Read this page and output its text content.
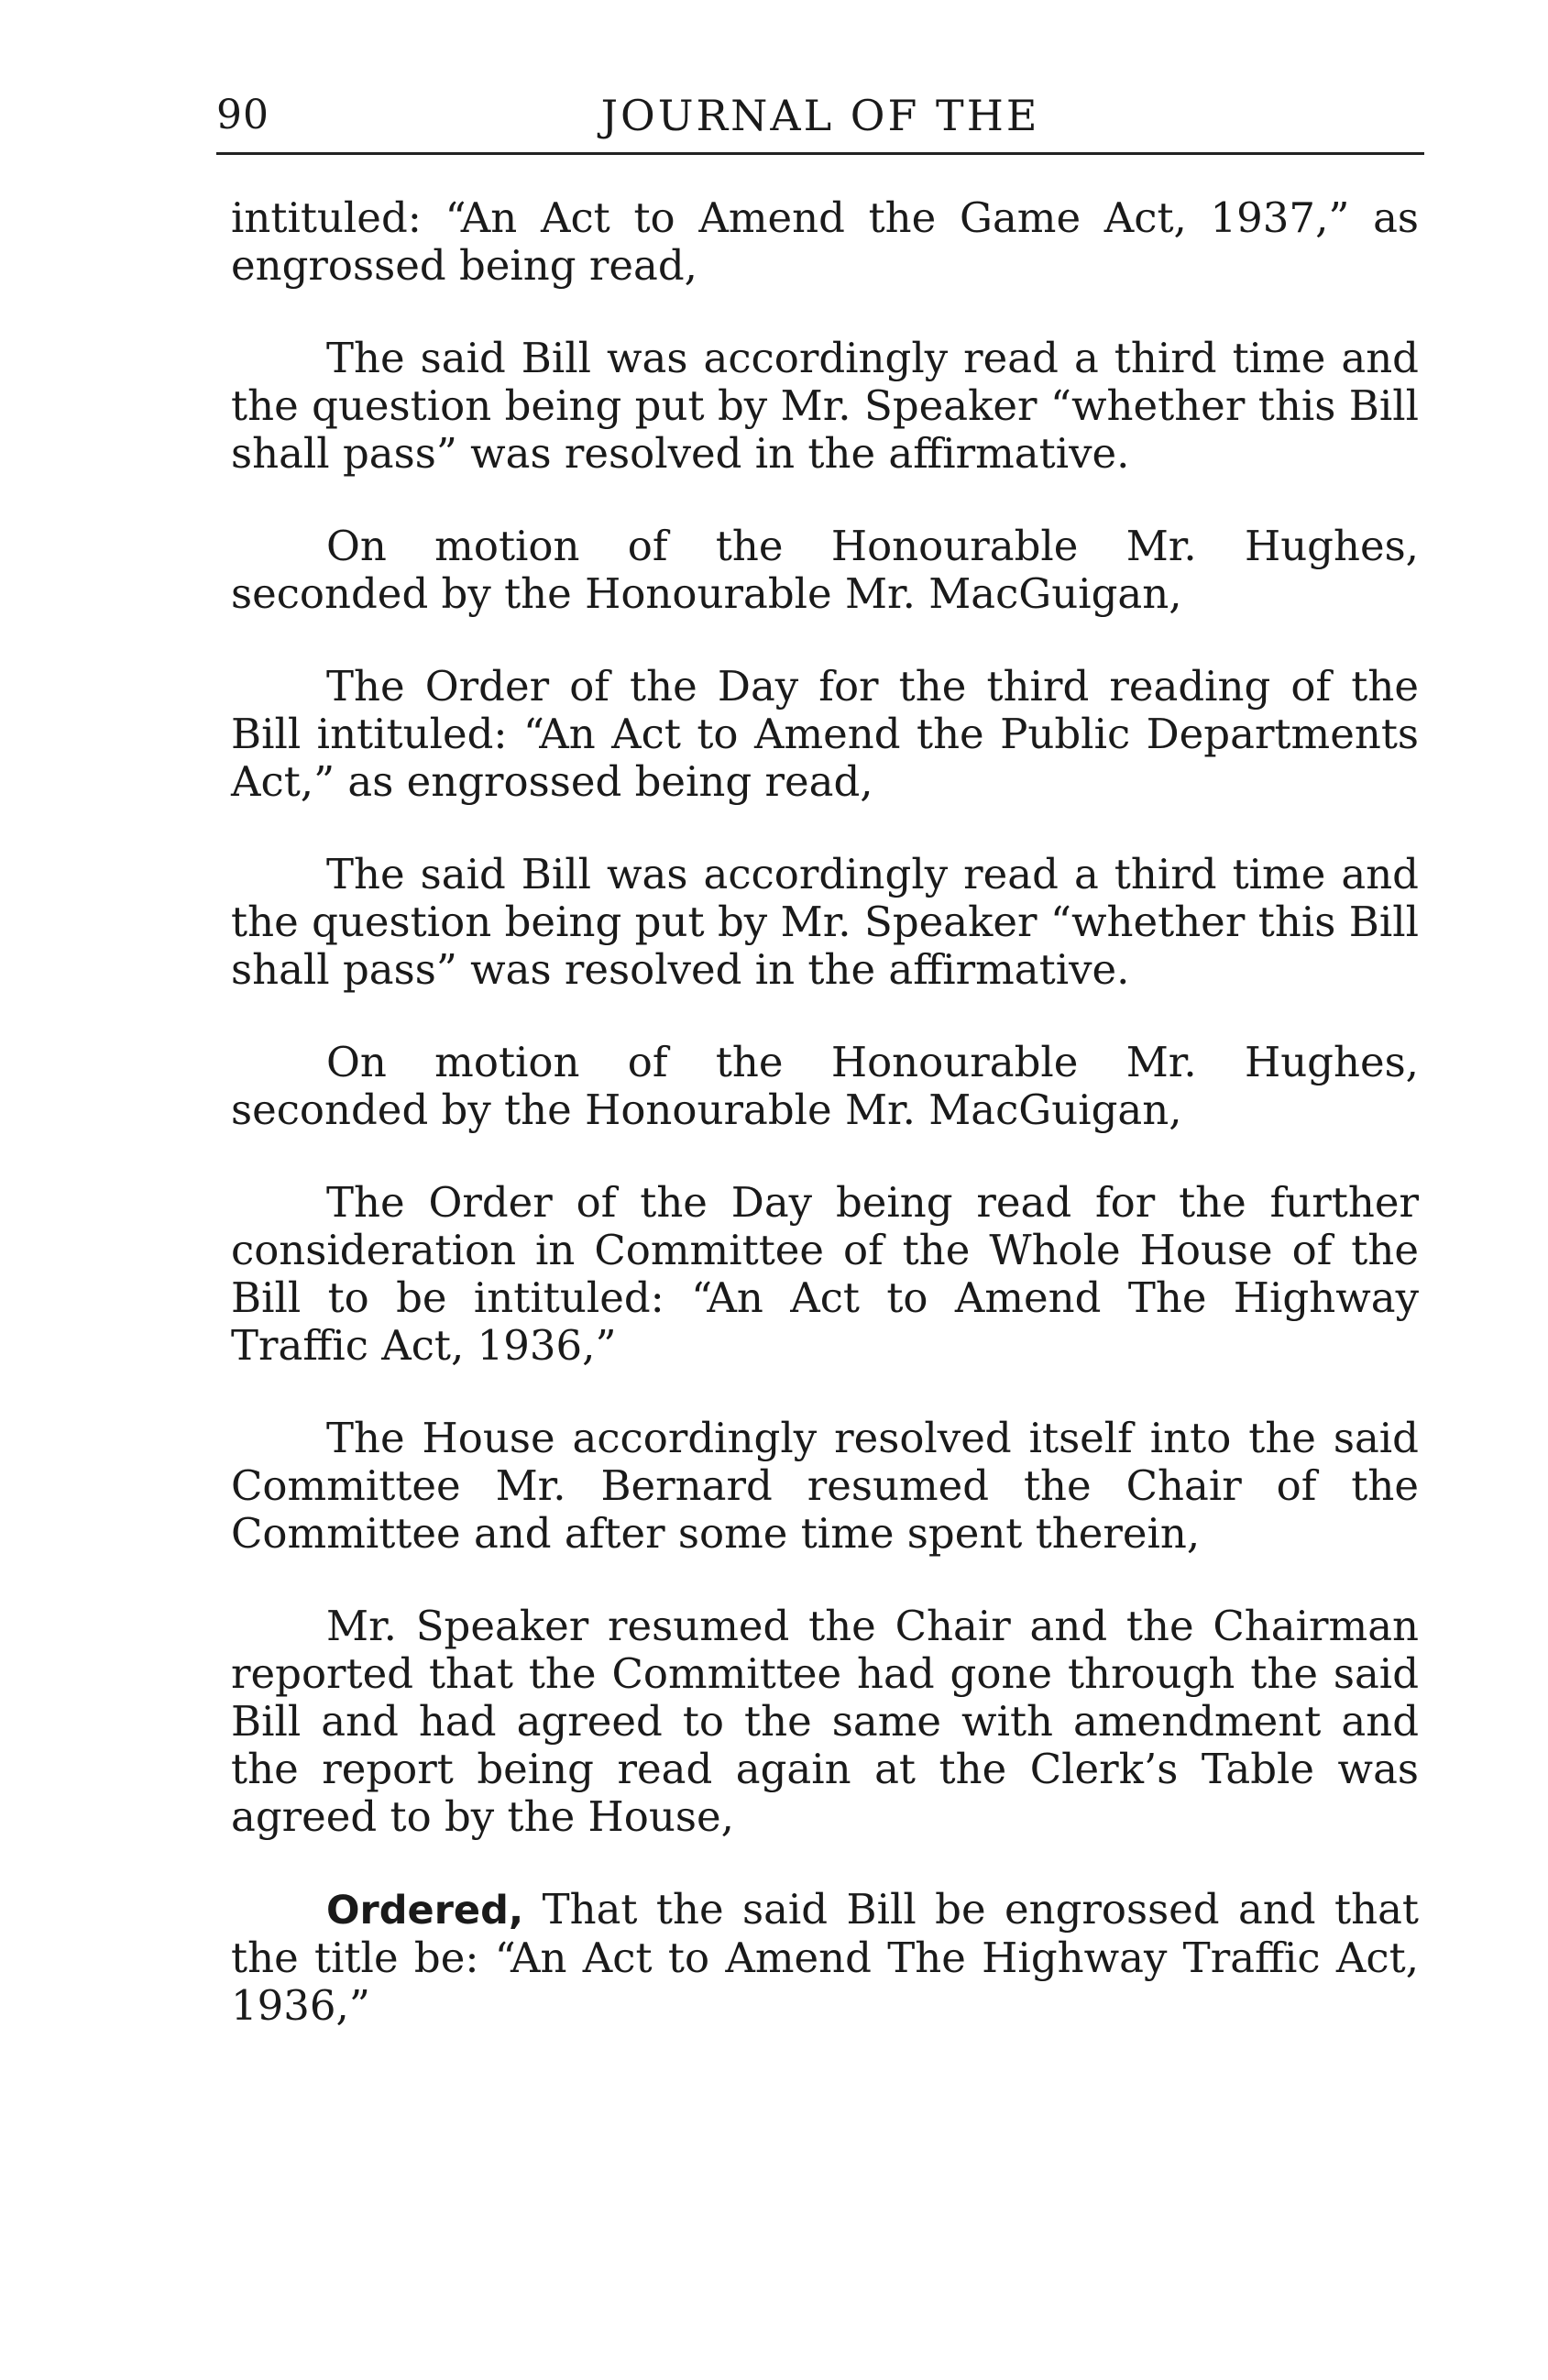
90	JOURNAL OF THE

intituled: “An Act to Amend the Game Act, 1937,” as engrossed being read,

The said Bill was accordingly read a third time and the question being put by Mr. Speaker “whether this Bill shall pass” was resolved in the affirmative.

On motion of the Honourable Mr. Hughes, seconded by the Honourable Mr. MacGuigan,

The Order of the Day for the third reading of the Bill intituled: “An Act to Amend the Public Departments Act,” as engrossed being read,

The said Bill was accordingly read a third time and the question being put by Mr. Speaker “whether this Bill shall pass” was resolved in the affirmative.

On motion of the Honourable Mr. Hughes, seconded by the Honourable Mr. MacGuigan,

The Order of the Day being read for the further consideration in Committee of the Whole House of the Bill to be intituled: “An Act to Amend The Highway Traffic Act, 1936,”

The House accordingly resolved itself into the said Committee Mr. Bernard resumed the Chair of the Committee and after some time spent therein,

Mr. Speaker resumed the Chair and the Chairman reported that the Committee had gone through the said Bill and had agreed to the same with amendment and the report being read again at the Clerk’s Table was agreed to by the House,

Ordered, That the said Bill be engrossed and that the title be: “An Act to Amend The Highway Traffic Act, 1936,”
